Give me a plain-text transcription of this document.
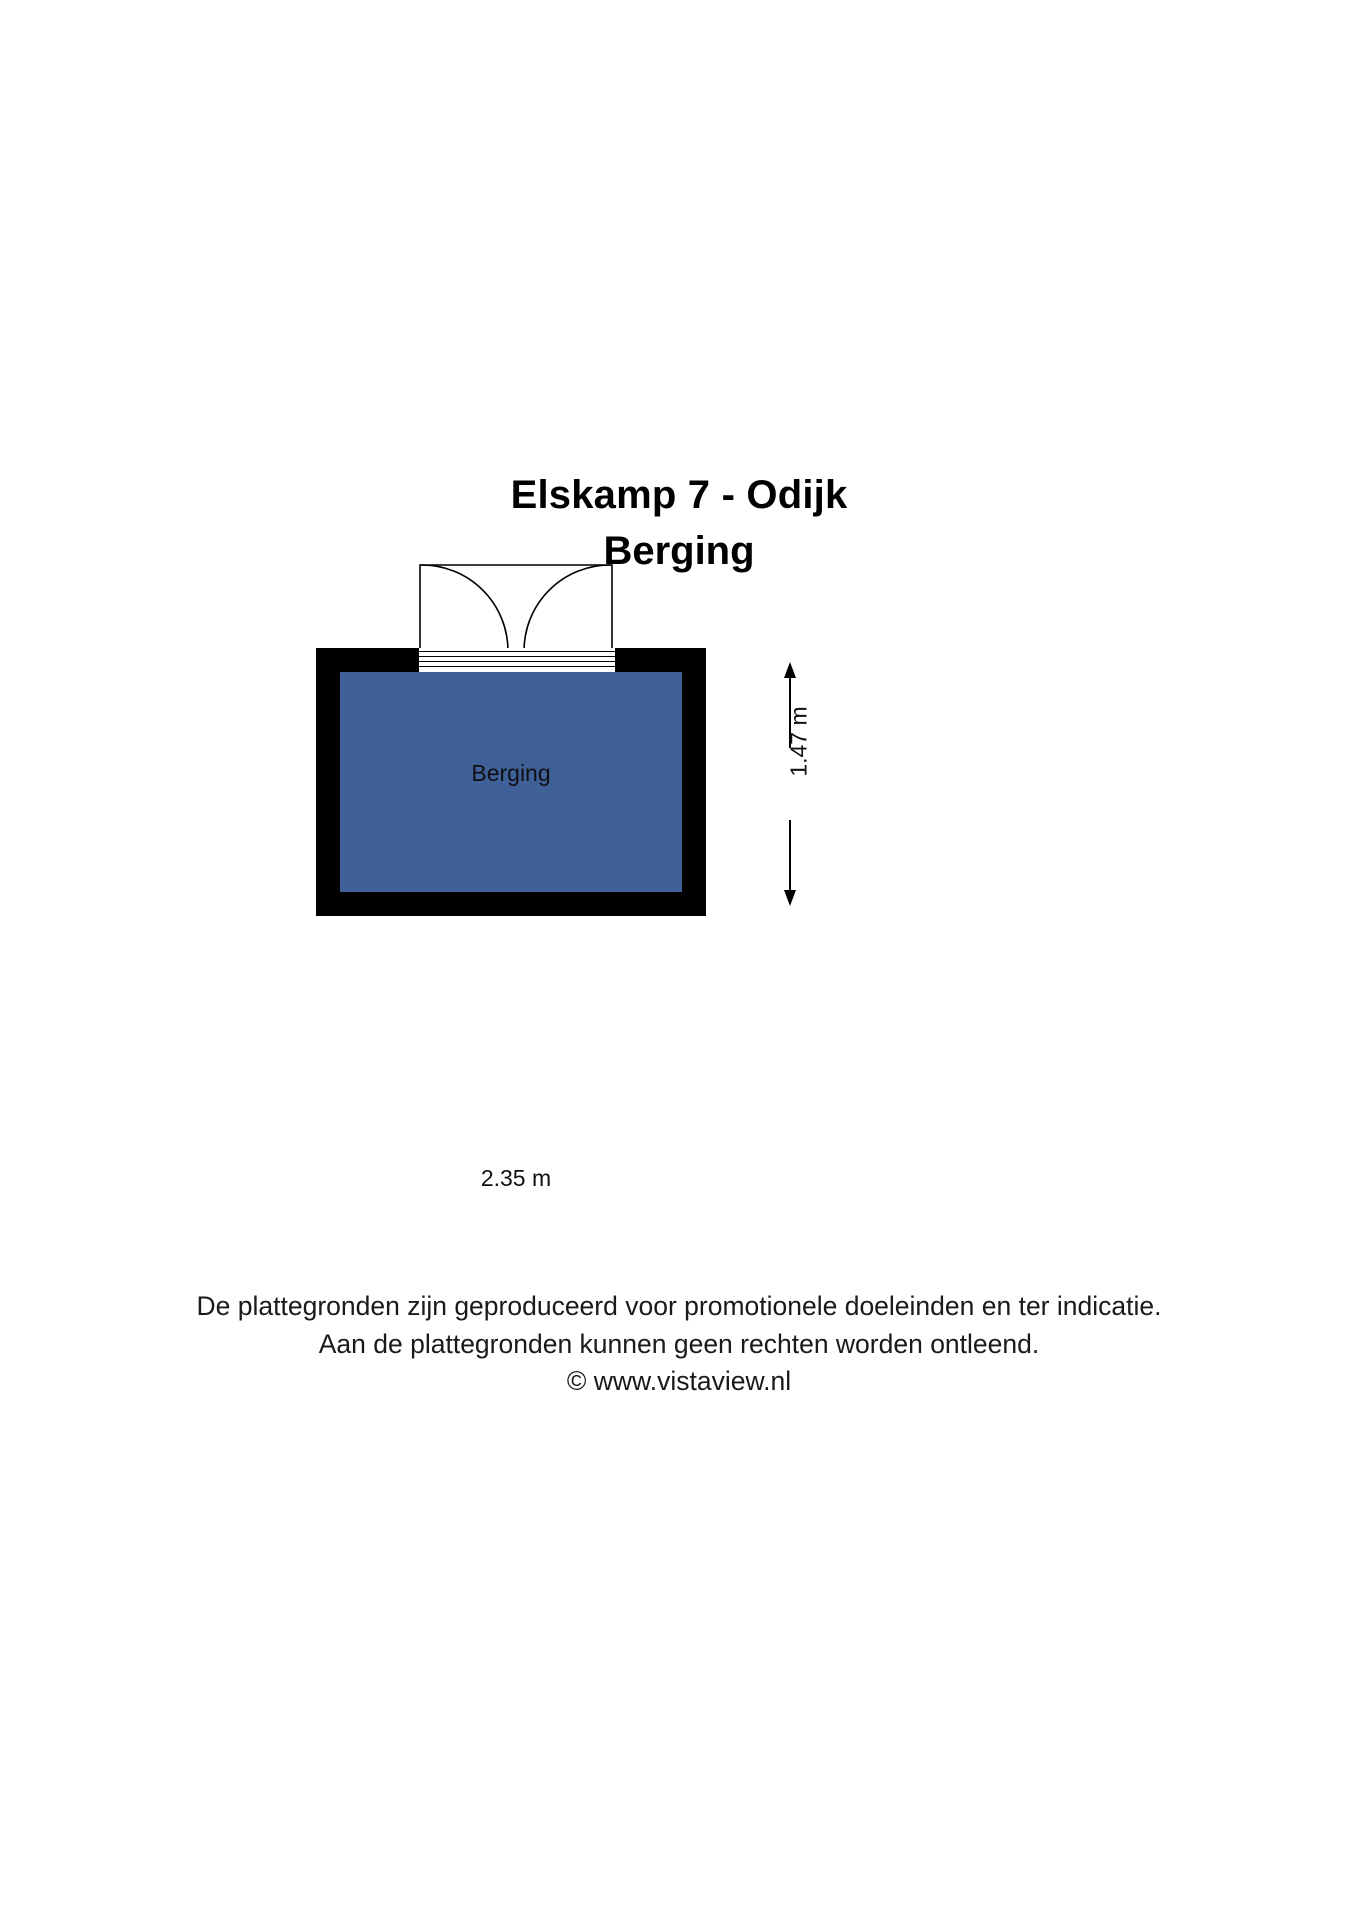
Elskamp 7 - Odijk
Berging
Berging	1.47 m
2.35 m
De plattegronden zijn geproduceerd voor promotionele doeleinden en ter indicatie.
Aan de plattegronden kunnen geen rechten worden ontleend.
© www.vistaview.nl
